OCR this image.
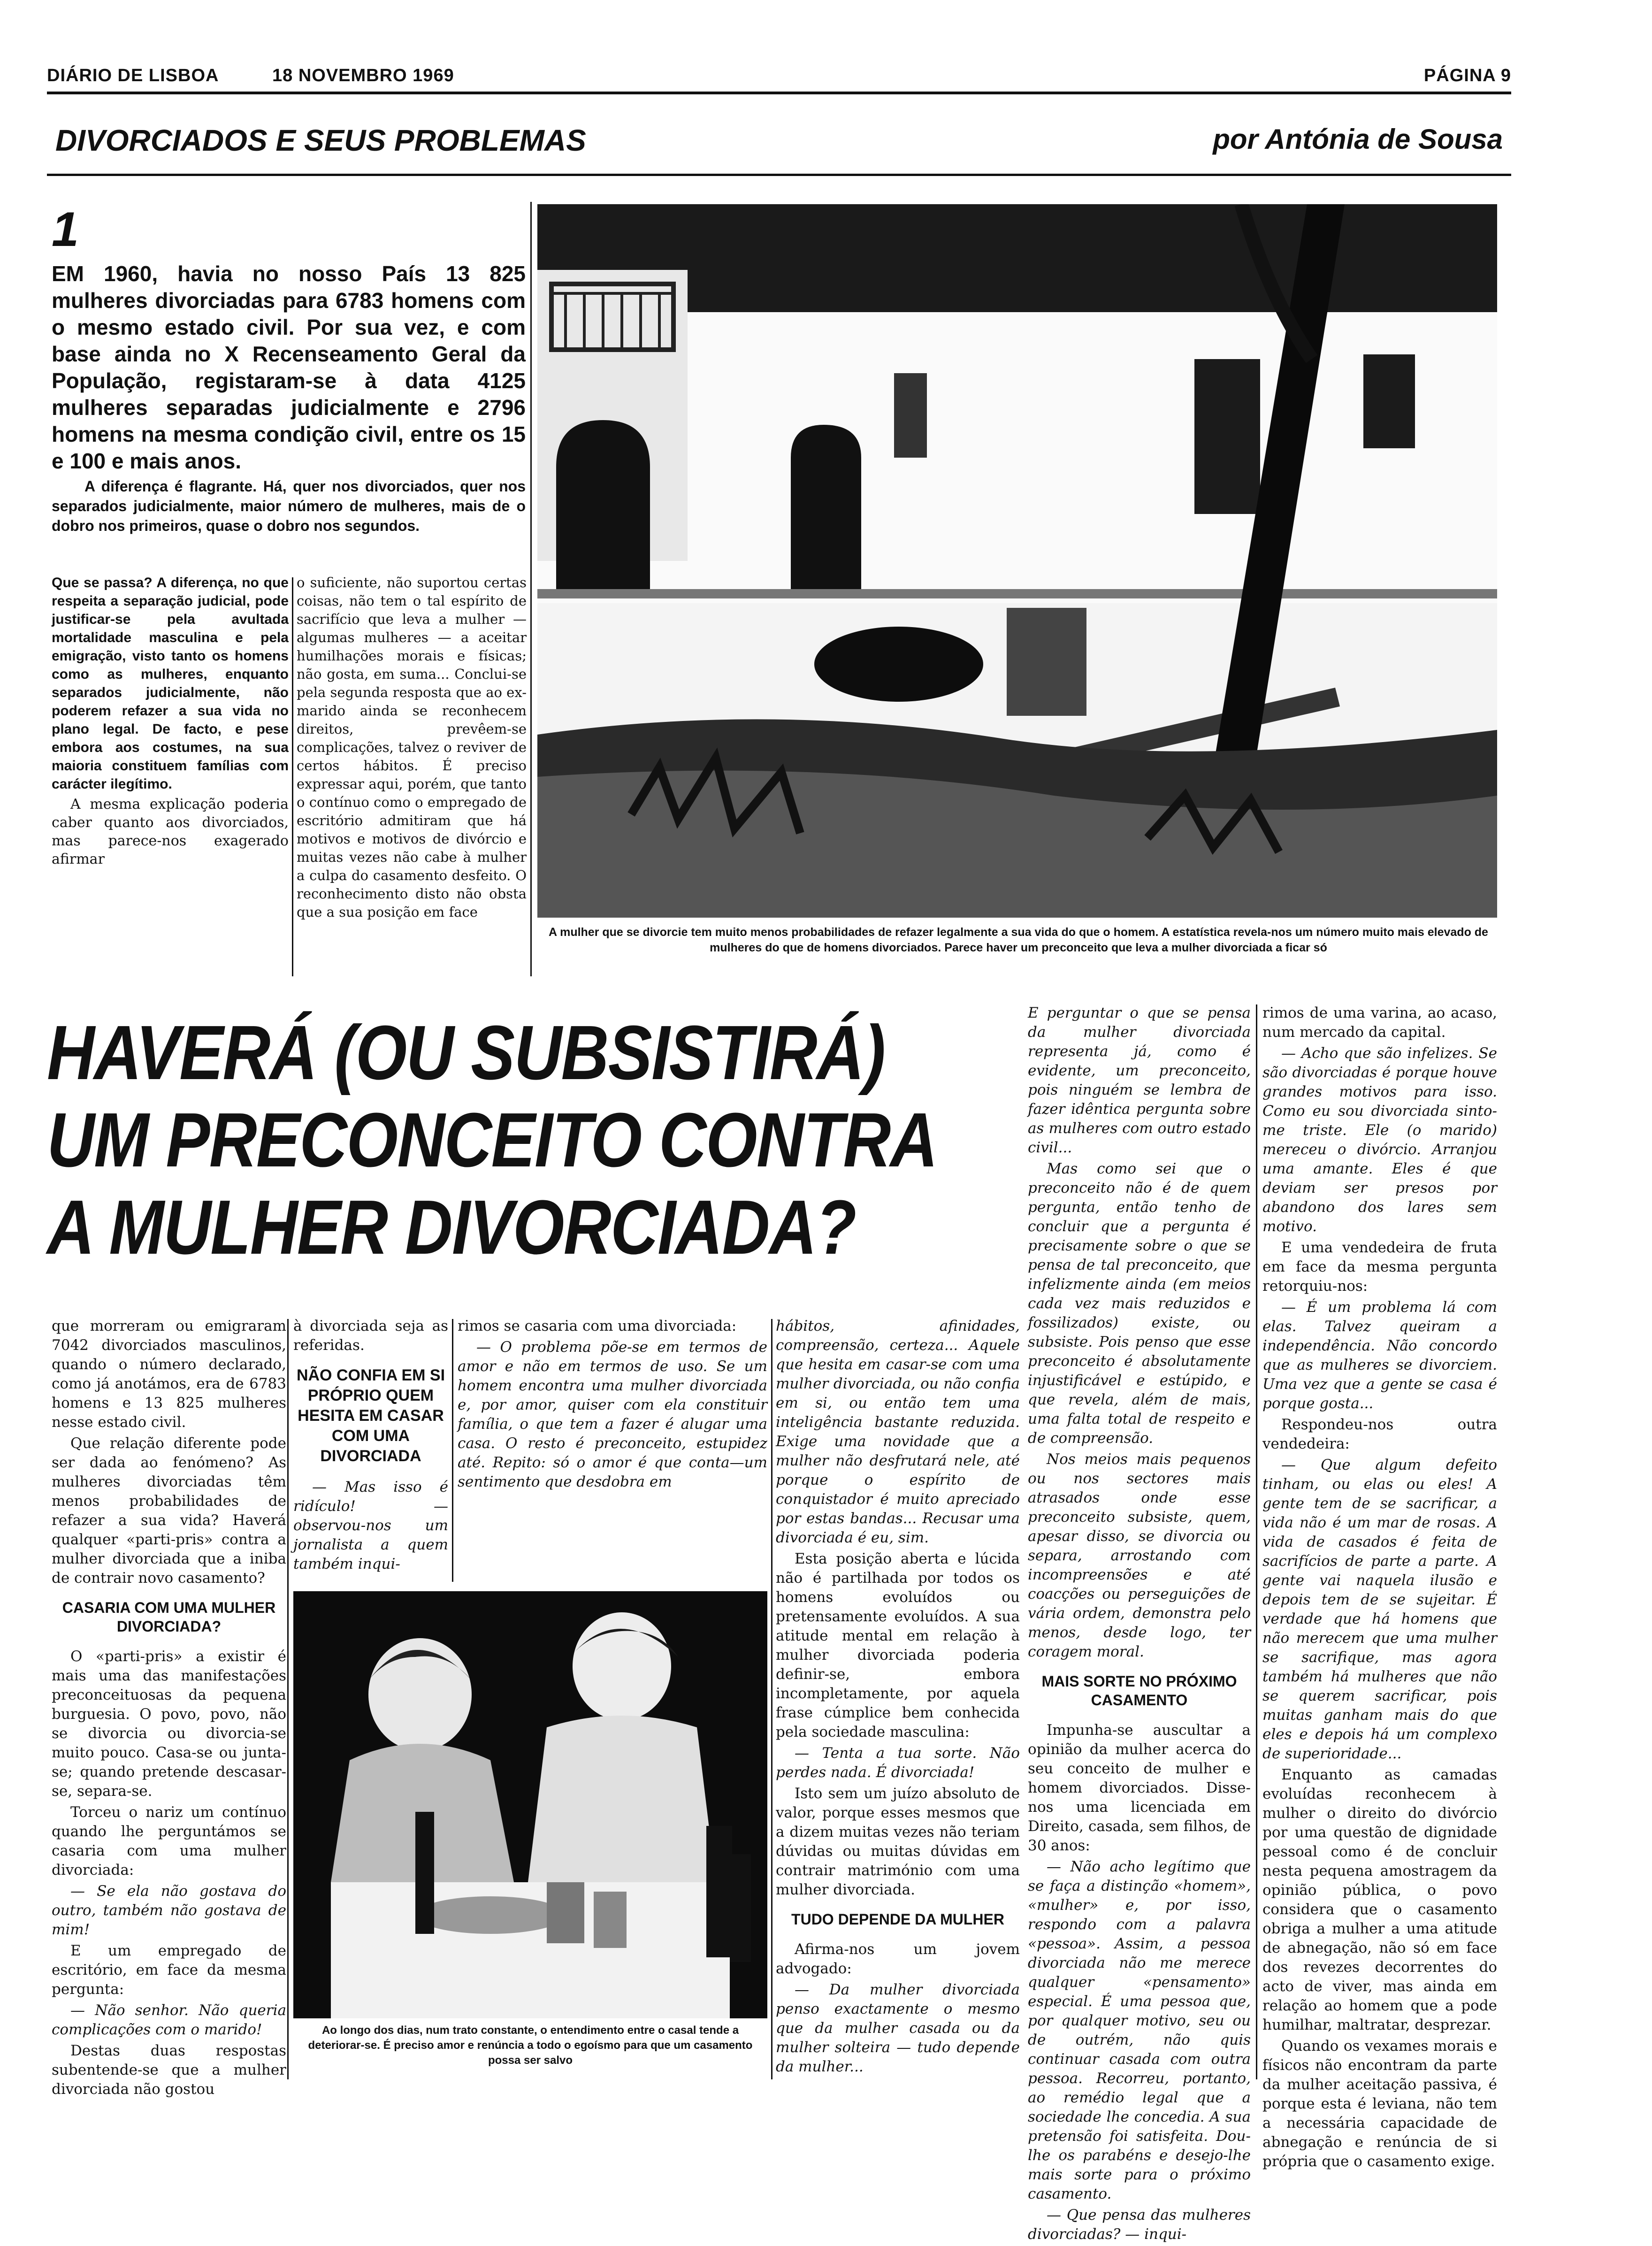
DIÁRIO DE LISBOA	18 NOVEMBRO 1969	PÁGINA 9
DIVORCIADOS E SEUS PROBLEMAS	por Antónia de Sousa
1
EM 1960, havia no nosso País 13 825 mulheres divorciadas para 6783 homens com o mesmo estado civil. Por sua vez, e com base ainda no X Recenseamento Geral da População, registaram-se à data 4125 mulheres separadas judicialmente e 2796 homens na mesma condição civil, entre os 15 e 100 e mais anos.
A diferença é flagrante. Há, quer nos divorciados, quer nos separados judicialmente, maior número de mulheres, mais de o dobro nos primeiros, quase o dobro nos segundos.

Que se passa? A diferença, no que respeita a separação judicial, pode justificar-se pela avultada mortalidade masculina e pela emigração, visto tanto os homens como as mulheres, enquanto separados judicialmente, não poderem refazer a sua vida no plano legal. De facto, e pese embora aos costumes, na sua maioria constituem famílias com carácter ilegítimo.

A mesma explicação poderia caber quanto aos divorciados, mas parece-nos exagerado afirmar

o suficiente, não suportou certas coisas, não tem o tal espírito de sacrifício que leva a mulher — algumas mulheres — a aceitar humilhações morais e físicas; não gosta, em suma... Conclui-se pela segunda resposta que ao ex-marido ainda se reconhecem direitos, prevêem-se complicações, talvez o reviver de certos hábitos. É preciso expressar aqui, porém, que tanto o contínuo como o empregado de escritório admitiram que há motivos e motivos de divórcio e muitas vezes não cabe à mulher a culpa do casamento desfeito. O reconhecimento disto não obsta que a sua posição em face

A mulher que se divorcie tem muito menos probabilidades de refazer legalmente a sua vida do que o homem. A estatística revela-nos um número muito mais elevado de mulheres do que de homens divorciados. Parece haver um preconceito que leva a mulher divorciada a ficar só
HAVERÁ (OU SUBSISTIRÁ)
UM PRECONCEITO CONTRA
A MULHER DIVORCIADA?

que morreram ou emigraram 7042 divorciados masculinos, quando o número declarado, como já anotámos, era de 6783 homens e 13 825 mulheres nesse estado civil.

Que relação diferente pode ser dada ao fenómeno? As mulheres divorciadas têm menos probabilidades de refazer a sua vida? Haverá qualquer «parti-pris» contra a mulher divorciada que a iniba de contrair novo casamento?

CASARIA COM UMA MULHER DIVORCIADA?

O «parti-pris» a existir é mais uma das manifestações preconceituosas da pequena burguesia. O povo, povo, não se divorcia ou divorcia-se muito pouco. Casa-se ou junta-se; quando pretende descasar-se, separa-se.

Torceu o nariz um contínuo quando lhe perguntámos se casaria com uma mulher divorciada:

— Se ela não gostava do outro, também não gostava de mim!

E um empregado de escritório, em face da mesma pergunta:

— Não senhor. Não queria complicações com o marido!

Destas duas respostas subentende-se que a mulher divorciada não gostou

à divorciada seja as referidas.

NÃO CONFIA EM SI PRÓPRIO QUEM HESITA EM CASAR COM UMA DIVORCIADA

— Mas isso é ridículo! — observou-nos um jornalista a quem também inqui-

rimos se casaria com uma divorciada:

— O problema põe-se em termos de amor e não em termos de uso. Se um homem encontra uma mulher divorciada e, por amor, quiser com ela constituir família, o que tem a fazer é alugar uma casa. O resto é preconceito, estupidez até. Repito: só o amor é que conta—um sentimento que desdobra em

Ao longo dos dias, num trato constante, o entendimento entre o casal tende a deteriorar-se. É preciso amor e renúncia a todo o egoísmo para que um casamento possa ser salvo

hábitos, afinidades, compreensão, certeza... Aquele que hesita em casar-se com uma mulher divorciada, ou não confia em si, ou então tem uma inteligência bastante reduzida. Exige uma novidade que a mulher não desfrutará nele, até porque o espírito de conquistador é muito apreciado por estas bandas... Recusar uma divorciada é eu, sim.

Esta posição aberta e lúcida não é partilhada por todos os homens evoluídos ou pretensamente evoluídos. A sua atitude mental em relação à mulher divorciada poderia definir-se, embora incompletamente, por aquela frase cúmplice bem conhecida pela sociedade masculina:

— Tenta a tua sorte. Não perdes nada. É divorciada!

Isto sem um juízo absoluto de valor, porque esses mesmos que a dizem muitas vezes não teriam dúvidas ou muitas dúvidas em contrair matrimónio com uma mulher divorciada.

TUDO DEPENDE DA MULHER

Afirma-nos um jovem advogado:

— Da mulher divorciada penso exactamente o mesmo que da mulher casada ou da mulher solteira — tudo depende da mulher...

E perguntar o que se pensa da mulher divorciada representa já, como é evidente, um preconceito, pois ninguém se lembra de fazer idêntica pergunta sobre as mulheres com outro estado civil...

Mas como sei que o preconceito não é de quem pergunta, então tenho de concluir que a pergunta é precisamente sobre o que se pensa de tal preconceito, que infelizmente ainda (em meios cada vez mais reduzidos e fossilizados) existe, ou subsiste. Pois penso que esse preconceito é absolutamente injustificável e estúpido, e que revela, além de mais, uma falta total de respeito e de compreensão.

Nos meios mais pequenos ou nos sectores mais atrasados onde esse preconceito subsiste, quem, apesar disso, se divorcia ou separa, arrostando com incompreensões e até coacções ou perseguições de vária ordem, demonstra pelo menos, desde logo, ter coragem moral.

MAIS SORTE NO PRÓXIMO CASAMENTO

Impunha-se auscultar a opinião da mulher acerca do seu conceito de mulher e homem divorciados. Disse-nos uma licenciada em Direito, casada, sem filhos, de 30 anos:

— Não acho legítimo que se faça a distinção «homem», «mulher» e, por isso, respondo com a palavra «pessoa». Assim, a pessoa divorciada não me merece qualquer «pensamento» especial. É uma pessoa que, por qualquer motivo, seu ou de outrém, não quis continuar casada com outra pessoa. Recorreu, portanto, ao remédio legal que a sociedade lhe concedia. A sua pretensão foi satisfeita. Dou-lhe os parabéns e desejo-lhe mais sorte para o próximo casamento.

— Que pensa das mulheres divorciadas? — inqui-

rimos de uma varina, ao acaso, num mercado da capital.

— Acho que são infelizes. Se são divorciadas é porque houve grandes motivos para isso. Como eu sou divorciada sinto-me triste. Ele (o marido) mereceu o divórcio. Arranjou uma amante. Eles é que deviam ser presos por abandono dos lares sem motivo.

E uma vendedeira de fruta em face da mesma pergunta retorquiu-nos:

— É um problema lá com elas. Talvez queiram a independência. Não concordo que as mulheres se divorciem. Uma vez que a gente se casa é porque gosta...

Respondeu-nos outra vendedeira:

— Que algum defeito tinham, ou elas ou eles! A gente tem de se sacrificar, a vida não é um mar de rosas. A vida de casados é feita de sacrifícios de parte a parte. A gente vai naquela ilusão e depois tem de se sujeitar. É verdade que há homens que não merecem que uma mulher se sacrifique, mas agora também há mulheres que não se querem sacrificar, pois muitas ganham mais do que eles e depois há um complexo de superioridade...

Enquanto as camadas evoluídas reconhecem à mulher o direito do divórcio por uma questão de dignidade pessoal como é de concluir nesta pequena amostragem da opinião pública, o povo considera que o casamento obriga a mulher a uma atitude de abnegação, não só em face dos revezes decorrentes do acto de viver, mas ainda em relação ao homem que a pode humilhar, maltratar, desprezar.

Quando os vexames morais e físicos não encontram da parte da mulher aceitação passiva, é porque esta é leviana, não tem a necessária capacidade de abnegação e renúncia de si própria que o casamento exige.
